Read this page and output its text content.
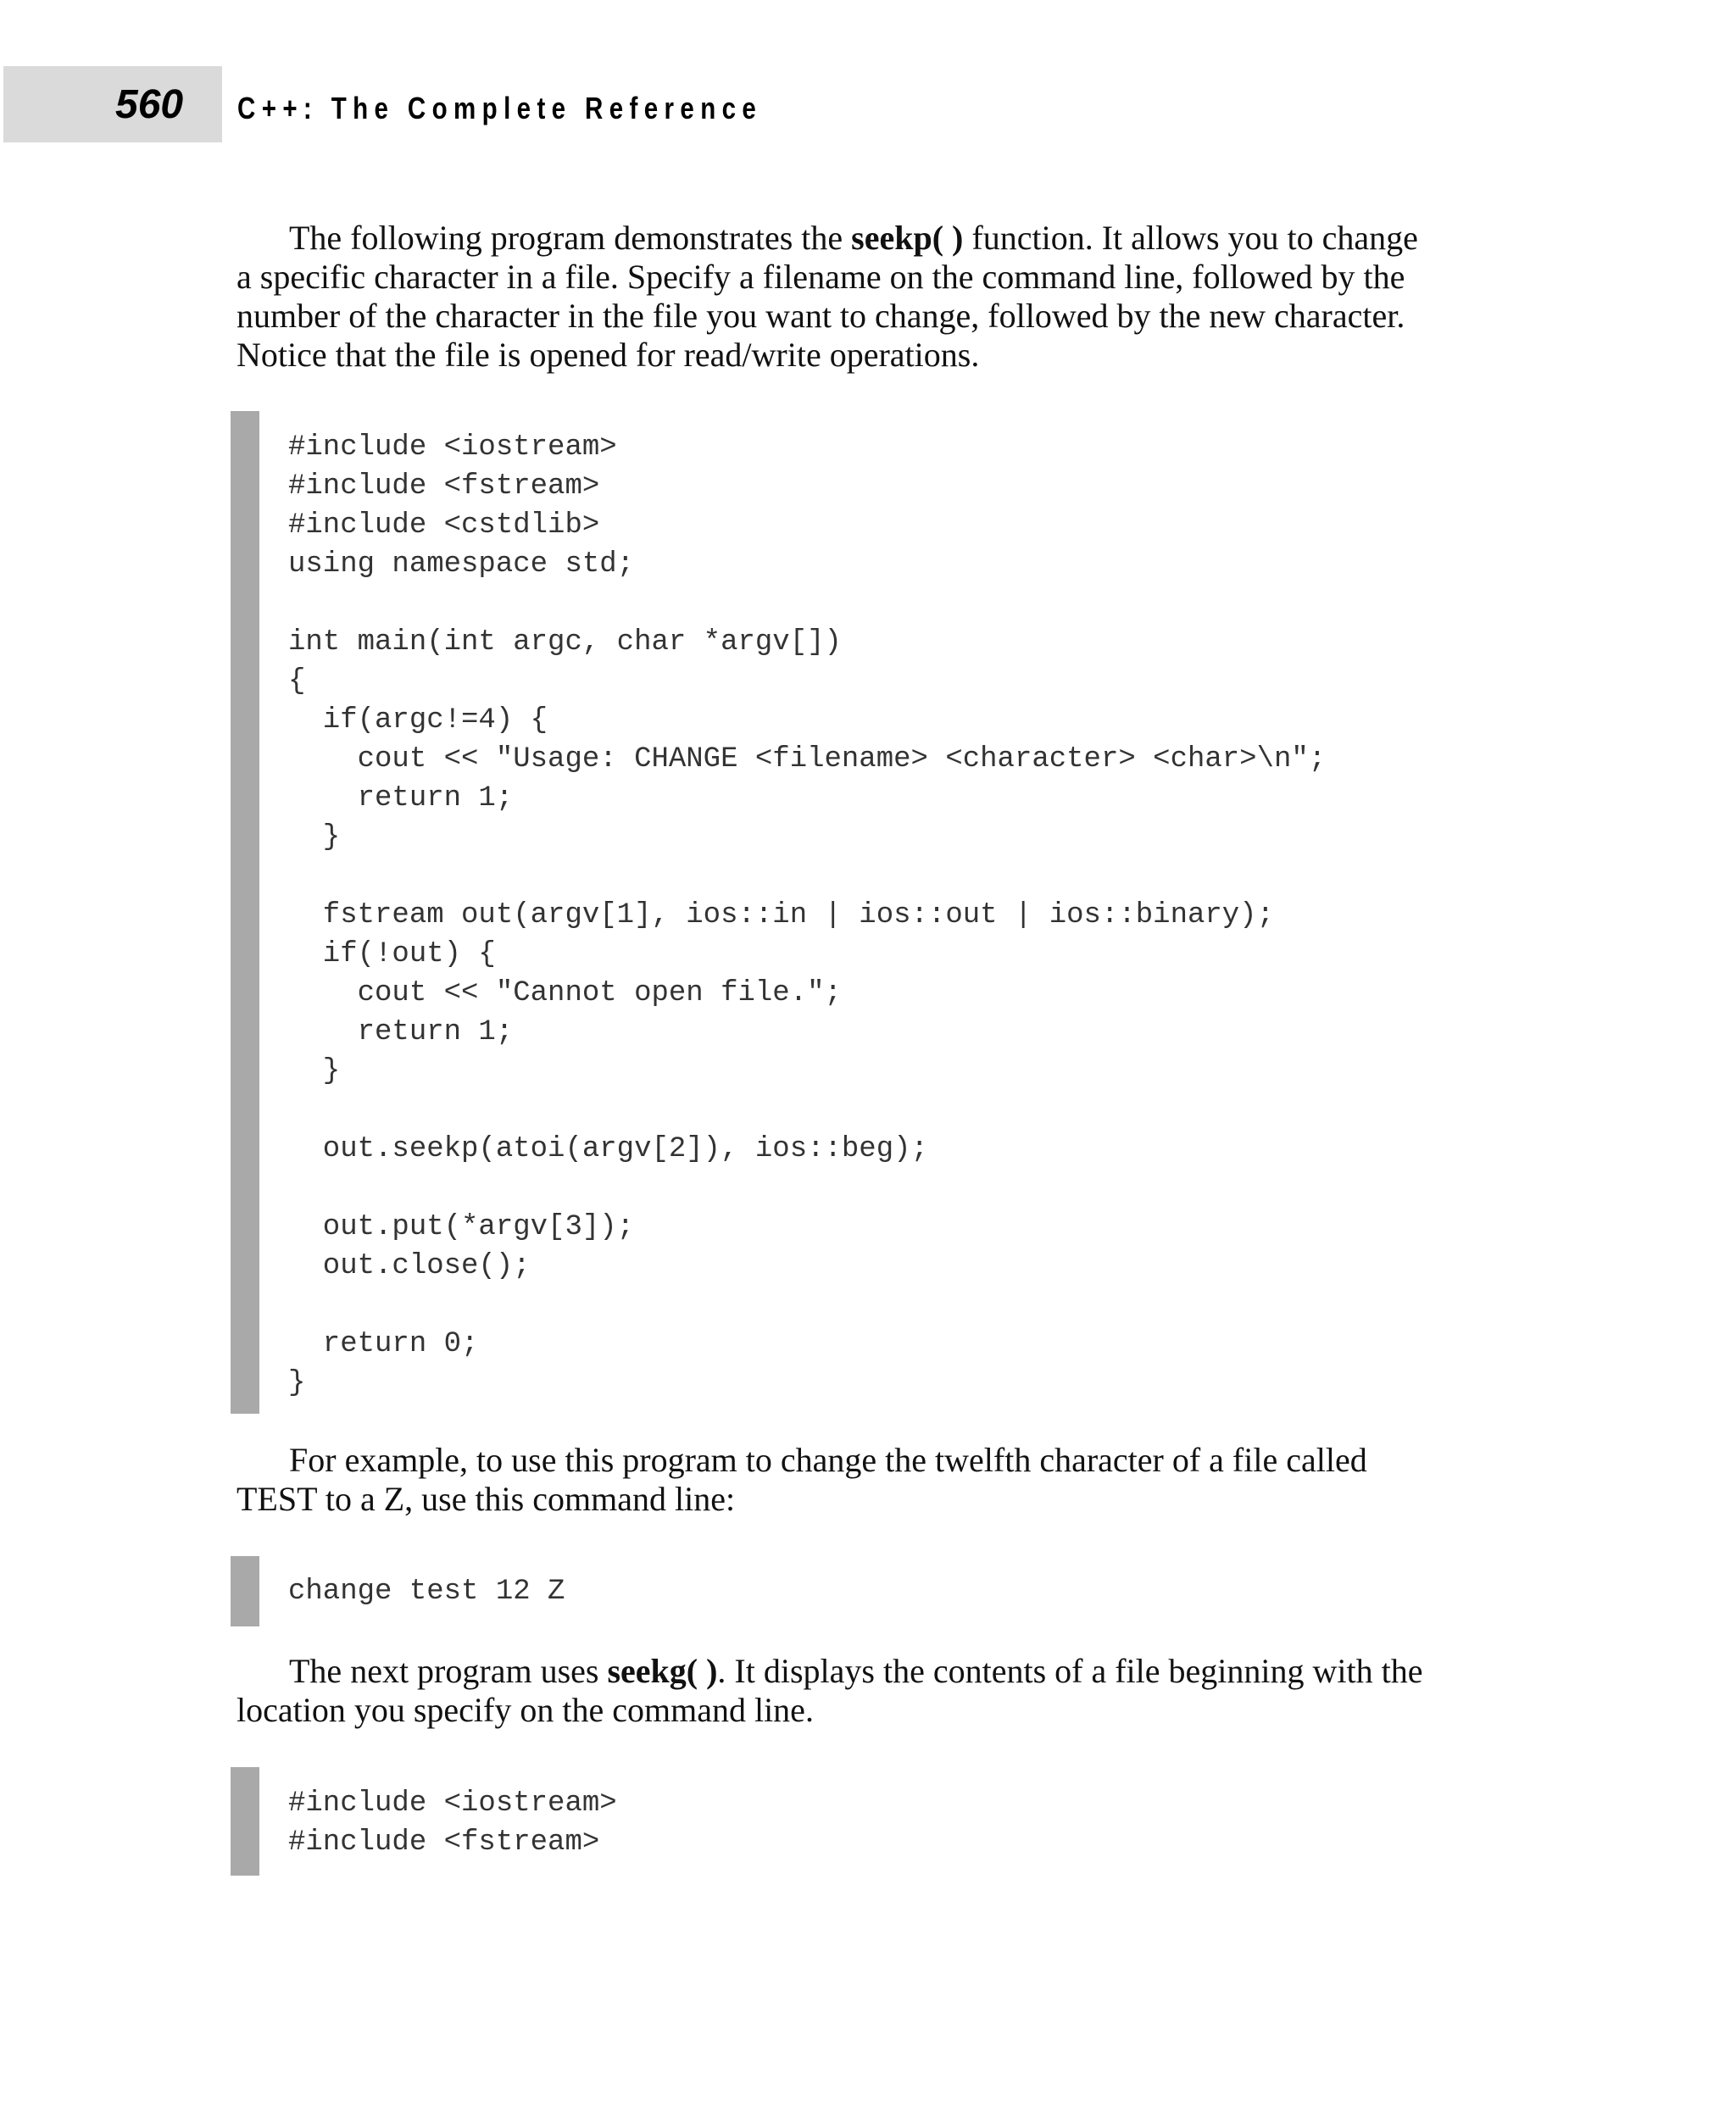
560 C++: The Complete Reference

The following program demonstrates the seekp( ) function. It allows you to change
a specific character in a file. Specify a filename on the command line, followed by the
number of the character in the file you want to change, followed by the new character.
Notice that the file is opened for read/write operations.

#include <iostream>
#include <fstream>
#include <cstdlib>
using namespace std;

int main(int argc, char *argv[])
{
if(argc!=4) {
cout << "Usage: CHANGE <filename> <character> <char>\n";
return 1;
}

fstream out(argv[1], ios::in | ios::out | ios::binary);
if(!out) {
cout << "Cannot open file.";
return 1;
}

out.seekp(atoi(argv[2]), ios::beg);

out.put(*argv[3]);
out.close();

return 0;
}

For example, to use this program to change the twelfth character of a file called
TEST to a Z, use this command line:

change test 12 Z

The next program uses seekg( ). It displays the contents of a file beginning with the
location you specify on the command line.

#include <iostream>
#include <fstream>
